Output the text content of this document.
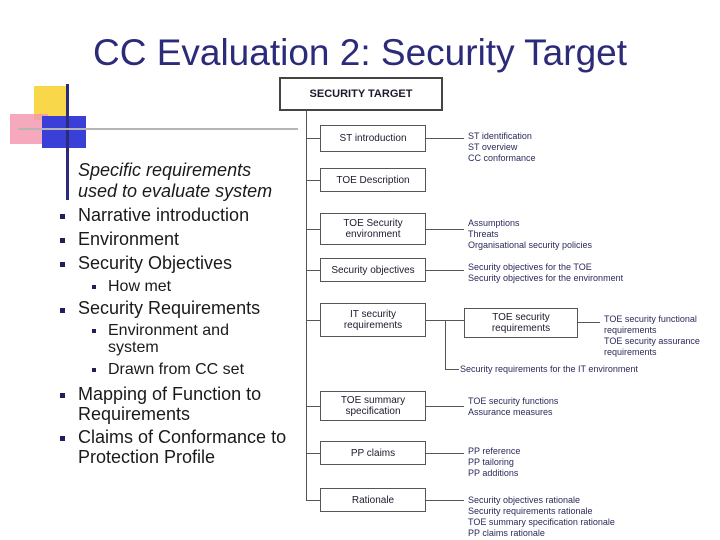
CC Evaluation 2: Security Target
Specific requirements
used to evaluate system
Narrative introduction
Environment
Security Objectives
How met
Security Requirements
Environment and system
Drawn from CC set
Mapping of Function to Requirements
Claims of Conformance to Protection Profile
SECURITY TARGET
ST introduction
TOE Description
TOE Security environment
Security objectives
IT security requirements
TOE security requirements
TOE summary specification
PP claims
Rationale
ST identification
ST overview
CC conformance
Assumptions
Threats
Organisational security policies
Security objectives for the TOE
Security objectives for the environment
TOE security functional requirements
TOE security assurance requirements
Security requirements for the IT environment
TOE security functions
Assurance measures
PP reference
PP tailoring
PP additions
Security objectives rationale
Security requirements rationale
TOE summary specification rationale
PP claims rationale
